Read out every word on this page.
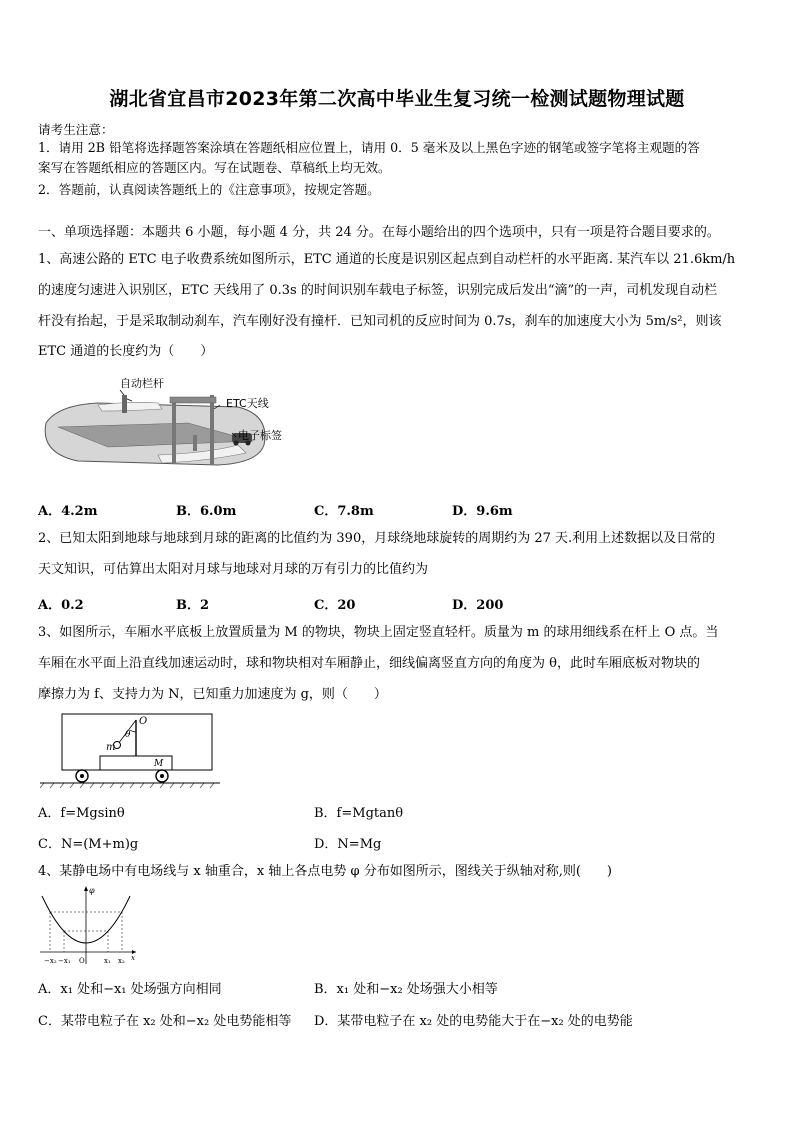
湖北省宜昌市2023年第二次高中毕业生复习统一检测试题物理试题
请考生注意：
1．请用 2B 铅笔将选择题答案涂填在答题纸相应位置上，请用 0．5 毫米及以上黑色字迹的钢笔或签字笔将主观题的答
案写在答题纸相应的答题区内。写在试题卷、草稿纸上均无效。
2．答题前，认真阅读答题纸上的《注意事项》，按规定答题。
一、单项选择题：本题共 6 小题，每小题 4 分，共 24 分。在每小题给出的四个选项中，只有一项是符合题目要求的。
1、高速公路的 ETC 电子收费系统如图所示，ETC 通道的长度是识别区起点到自动栏杆的水平距离. 某汽车以 21.6km/h
的速度匀速进入识别区，ETC 天线用了 0.3s 的时间识别车载电子标签，识别完成后发出“滴”的一声，司机发现自动栏
杆没有抬起，于是采取制动刹车，汽车刚好没有撞杆．已知司机的反应时间为 0.7s，刹车的加速度大小为 5m/s²，则该
ETC 通道的长度约为（　　）
自动栏杆
ETC天线
电子标签
A．4.2m	B．6.0m	C．7.8m	D．9.6m
2、已知太阳到地球与地球到月球的距离的比值约为 390，月球绕地球旋转的周期约为 27 天.利用上述数据以及日常的
天文知识，可估算出太阳对月球与地球对月球的万有引力的比值约为
A．0.2	B．2	C．20	D．200
3、如图所示，车厢水平底板上放置质量为 M 的物块，物块上固定竖直轻杆。质量为 m 的球用细线系在杆上 O 点。当
车厢在水平面上沿直线加速运动时，球和物块相对车厢静止，细线偏离竖直方向的角度为 θ，此时车厢底板对物块的
摩擦力为 f、支持力为 N，已知重力加速度为 g，则（　　）
O
θ
m
M
A．f=Mgsinθ	B．f=Mgtanθ
C．N=(M+m)g	D．N=Mg
4、某静电场中有电场线与 x 轴重合，x 轴上各点电势 φ 分布如图所示，图线关于纵轴对称,则(　　)
φ
−x₂ −x₁ O	x₁ x₂ x
A．x₁ 处和−x₁ 处场强方向相同	B．x₁ 处和−x₂ 处场强大小相等
C．某带电粒子在 x₂ 处和−x₂ 处电势能相等 D．某带电粒子在 x₂ 处的电势能大于在−x₂ 处的电势能
